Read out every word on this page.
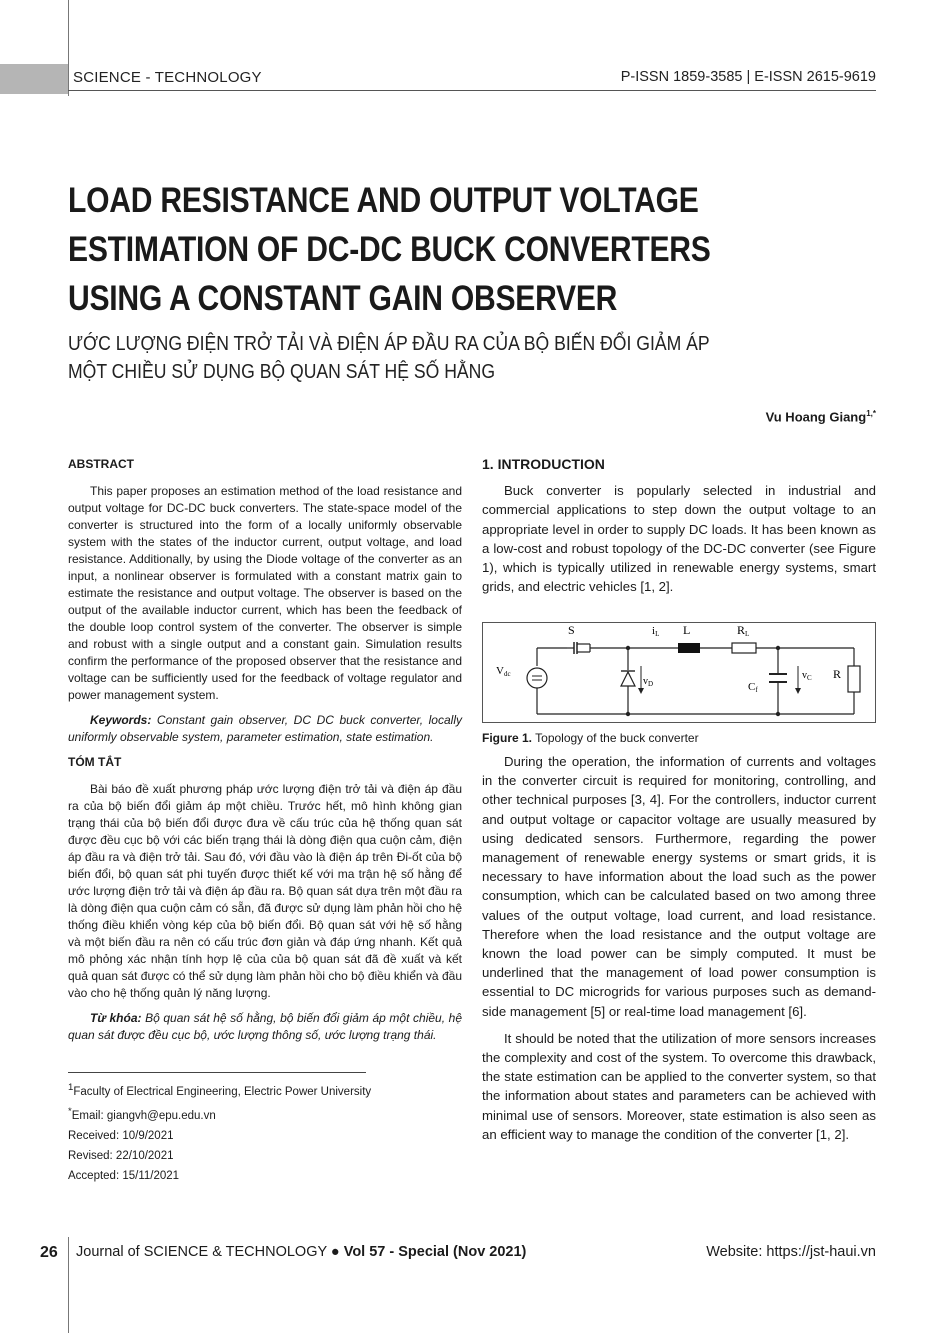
SCIENCE - TECHNOLOGY	P-ISSN 1859-3585 | E-ISSN 2615-9619
LOAD RESISTANCE AND OUTPUT VOLTAGE ESTIMATION OF DC-DC BUCK CONVERTERS USING A CONSTANT GAIN OBSERVER
ƯỚC LƯỢNG ĐIỆN TRỞ TẢI VÀ ĐIỆN ÁP ĐẦU RA CỦA BỘ BIẾN ĐỔI GIẢM ÁP MỘT CHIỀU SỬ DỤNG BỘ QUAN SÁT HỆ SỐ HẰNG
Vu Hoang Giang$^{1,*}$
ABSTRACT

This paper proposes an estimation method of the load resistance and output voltage for DC-DC buck converters. The state-space model of the converter is structured into the form of a locally uniformly observable system with the states of the inductor current, output voltage, and load resistance. Additionally, by using the Diode voltage of the converter as an input, a nonlinear observer is formulated with a constant matrix gain to estimate the resistance and output voltage. The observer is based on the output of the available inductor current, which has been the feedback of the double loop control system of the converter. The observer is simple and robust with a single output and a constant gain. Simulation results confirm the performance of the proposed observer that the resistance and voltage can be sufficiently used for the feedback of voltage regulator and power management system.

Keywords: Constant gain observer, DC DC buck converter, locally uniformly observable system, parameter estimation, state estimation.

TÓM TẮT

Bài báo đề xuất phương pháp ước lượng điện trở tải và điện áp đầu ra của bộ biến đổi giảm áp một chiều. Trước hết, mô hình không gian trạng thái của bộ biến đổi được đưa về cấu trúc của hệ thống quan sát được đều cục bộ với các biến trạng thái là dòng điện qua cuộn cảm, điện áp đầu ra và điện trở tải. Sau đó, với đầu vào là điện áp trên Đi-ốt của bộ biến đổi, bộ quan sát phi tuyến được thiết kế với ma trận hệ số hằng để ước lượng điện trở tải và điện áp đầu ra. Bộ quan sát dựa trên một đầu ra là dòng điện qua cuộn cảm có sẵn, đã được sử dụng làm phản hồi cho hệ thống điều khiển vòng kép của bộ biến đổi. Bộ quan sát với hệ số hằng và một biến đầu ra nên có cấu trúc đơn giản và đáp ứng nhanh. Kết quả mô phỏng xác nhận tính hợp lệ của của bộ quan sát đã đề xuất và kết quả quan sát được có thể sử dụng làm phản hồi cho bộ điều khiển và đầu vào cho hệ thống quản lý năng lượng.

Từ khóa: Bộ quan sát hệ số hằng, bộ biến đổi giảm áp một chiều, hệ quan sát được đều cục bộ, ước lượng thông số, ước lượng trạng thái.

$^1$Faculty of Electrical Engineering, Electric Power University
*Email: giangvh@epu.edu.vn
Received: 10/9/2021
Revised: 22/10/2021
Accepted: 15/11/2021
1. INTRODUCTION

Buck converter is popularly selected in industrial and commercial applications to step down the output voltage to an appropriate level in order to supply DC loads. It has been known as a low-cost and robust topology of the DC-DC converter (see Figure 1), which is typically utilized in renewable energy systems, smart grids, and electric vehicles [1, 2].

S	iL L	RL
Vdc
$v_D$	Cf
$v_C$ R
Figure 1. Topology of the buck converter

During the operation, the information of currents and voltages in the converter circuit is required for monitoring, controlling, and other technical purposes [3, 4]. For the controllers, inductor current and output voltage or capacitor voltage are usually measured by using dedicated sensors. Furthermore, regarding the power management of renewable energy systems or smart grids, it is necessary to have information about the load such as the power consumption, which can be calculated based on two among three values of the output voltage, load current, and load resistance. Therefore when the load resistance and the output voltage are known the load power can be simply computed. It must be underlined that the management of load power consumption is essential to DC microgrids for various purposes such as demand-side management [5] or real-time load management [6].

It should be noted that the utilization of more sensors increases the complexity and cost of the system. To overcome this drawback, the state estimation can be applied to the converter system, so that the information about states and parameters can be achieved with minimal use of sensors. Moreover, state estimation is also seen as an efficient way to manage the condition of the converter [1, 2].

26 Journal of SCIENCE & TECHNOLOGY ● Vol 57 - Special (Nov 2021)	Website: https://jst-haui.vn
